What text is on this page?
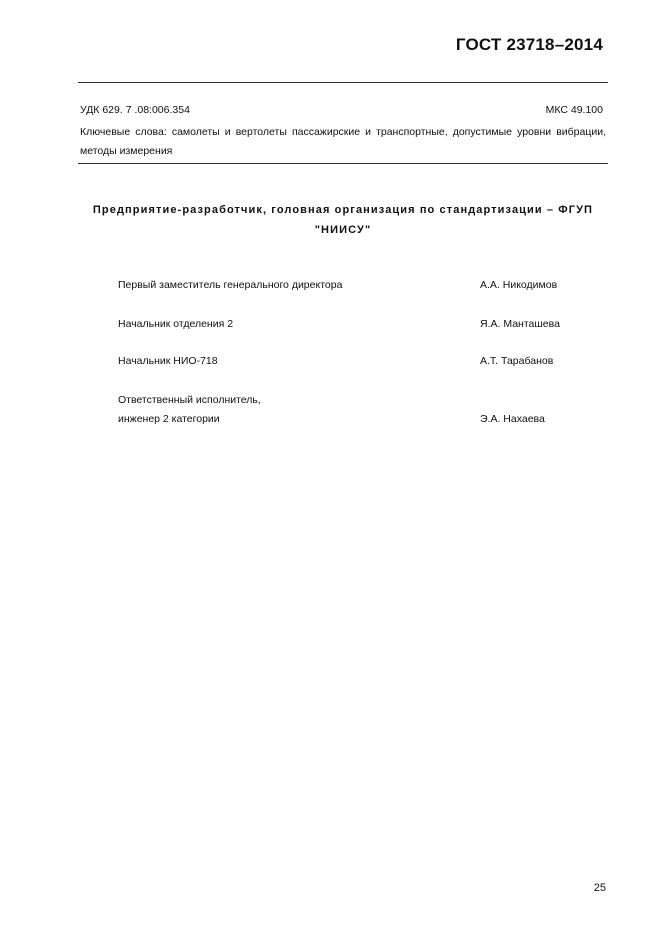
ГОСТ 23718–2014
УДК 629. 7 .08:006.354	МКС 49.100
Ключевые слова: самолеты и вертолеты пассажирские и транспортные, допустимые уровни вибрации, методы измерения
Предприятие-разработчик, головная организация по стандартизации – ФГУП "НИИСУ"
Первый заместитель генерального директора	А.А. Никодимов
Начальник отделения 2	Я.А. Манташева
Начальник НИО-718	А.Т. Тарабанов
Ответственный исполнитель,
инженер 2 категории	Э.А. Нахаева
25
